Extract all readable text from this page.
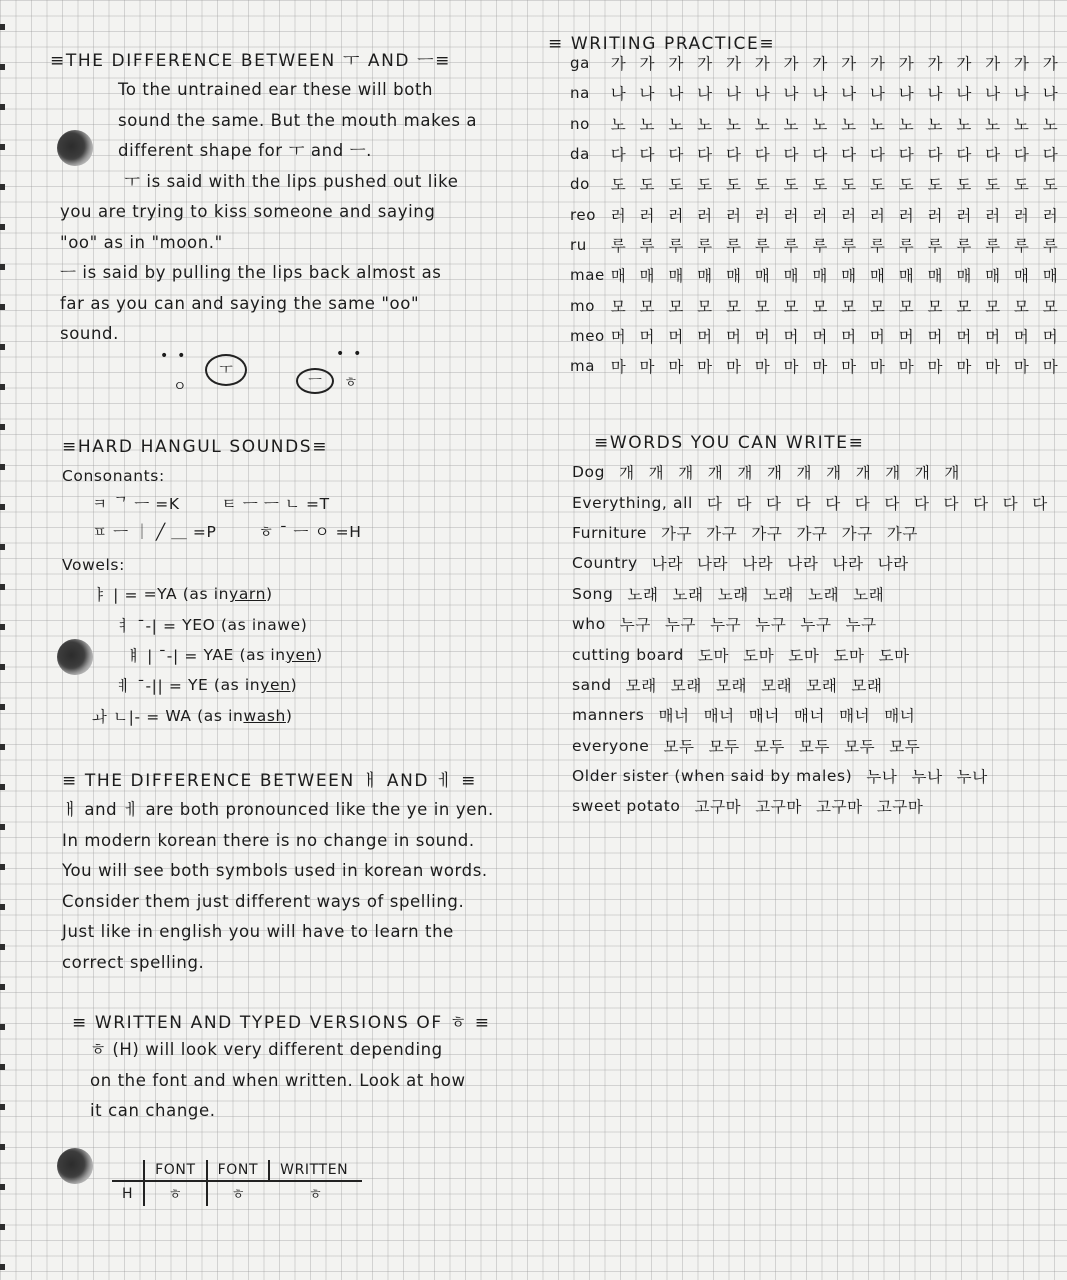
≡THE DIFFERENCE BETWEEN ㅜ AND ㅡ≡
To the untrained ear these will both
sound the same. But the mouth makes a
different shape for ㅜ and ㅡ.
ㅜ is said with the lips pushed out like
you are trying to kiss someone and saying
"oo" as in "moon."
ㅡ is said by pulling the lips back almost as
far as you can and saying the same "oo"
sound.
•  •
ㅇ
ㅜ
ㅡ
•  •
ㅎ
≡HARD HANGUL SOUNDS≡
Consonants:
ㅋ ᄀ ㅡ =K	ㅌ ㅡ ㅡ ㄴ =T
ㅍ ㅡ ｜ ╱ ＿ =P	ㅎ ˉ ㅡ ㅇ =H
Vowels:
ㅑ | =
=YA (as in yarn )
ㅕ ˉ-| =
YEO (as in awe )
ㅒ | ˉ-| =
YAE (as in yen )
ㅖ ˉ-|| =
YE (as in yen )
ㅘ ㄴ|- =
WA (as in wash )
≡ THE DIFFERENCE BETWEEN ㅐ AND ㅔ ≡
ㅐ and ㅔ are both pronounced like the ye in yen.
In modern korean there is no change in sound.
You will see both symbols used in korean words.
Consider them just different ways of spelling.
Just like in english you will have to learn the
correct spelling.
≡ WRITTEN AND TYPED VERSIONS OF ㅎ ≡
ㅎ (H) will look very different depending
on the font and when written. Look at how
it can change.
	FONT	FONT	WRITTEN
H	ㅎ	ㅎ	ㅎ
≡ WRITING PRACTICE≡
ga	가 가 가 가 가 가 가 가 가 가 가 가 가 가 가 가
na	나 나 나 나 나 나 나 나 나 나 나 나 나 나 나 나
no	노 노 노 노 노 노 노 노 노 노 노 노 노 노 노 노
da	다 다 다 다 다 다 다 다 다 다 다 다 다 다 다 다
do	도 도 도 도 도 도 도 도 도 도 도 도 도 도 도 도
reo 러 러 러 러 러 러 러 러 러 러 러 러 러 러 러 러
ru	루 루 루 루 루 루 루 루 루 루 루 루 루 루 루 루
mae 매 매 매 매 매 매 매 매 매 매 매 매 매 매 매 매
mo	모 모 모 모 모 모 모 모 모 모 모 모 모 모 모 모
meo 머 머 머 머 머 머 머 머 머 머 머 머 머 머 머 머
ma	마 마 마 마 마 마 마 마 마 마 마 마 마 마 마 마
≡WORDS YOU CAN WRITE≡
Dog 개 개 개 개 개 개 개 개 개 개 개 개
Everything, all 다 다 다 다 다 다 다 다 다 다 다 다
Furniture 가구 가구 가구 가구 가구 가구
Country 나라 나라 나라 나라 나라 나라
Song 노래 노래 노래 노래 노래 노래
who 누구 누구 누구 누구 누구 누구
cutting board 도마 도마 도마 도마 도마
sand 모래 모래 모래 모래 모래 모래
manners 매너 매너 매너 매너 매너 매너
everyone 모두 모두 모두 모두 모두 모두
Older sister (when said by males) 누나 누나 누나
sweet potato 고구마 고구마 고구마 고구마
